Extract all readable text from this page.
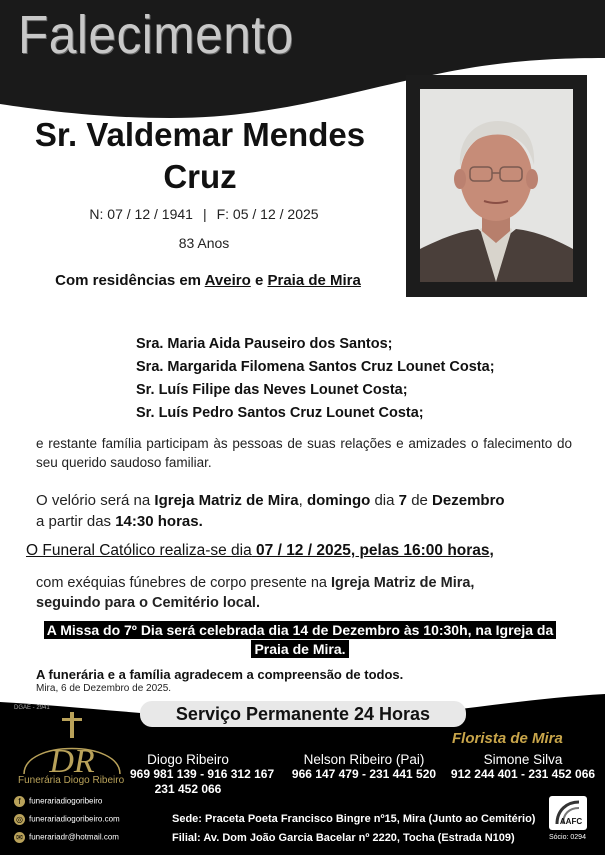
Falecimento
Sr. Valdemar Mendes
Cruz
N: 07 / 12 / 1941 | F: 05 / 12 / 2025
83 Anos
Com residências em Aveiro e Praia de Mira
Sra. Maria Aida Pauseiro dos Santos;
Sra. Margarida Filomena Santos Cruz Lounet Costa;
Sr. Luís Filipe das Neves Lounet Costa;
Sr. Luís Pedro Santos Cruz Lounet Costa;
e restante família participam às pessoas de suas relações e amizades o falecimento do seu querido saudoso familiar.
O velório será na Igreja Matriz de Mira, domingo dia 7 de Dezembro
a partir das 14:30 horas.
O Funeral Católico realiza-se dia 07 / 12 / 2025, pelas 16:00 horas,
com exéquias fúnebres de corpo presente na Igreja Matriz de Mira,
seguindo para o Cemitério local.
A Missa do 7º Dia será celebrada dia 14 de Dezembro às 10:30h, na Igreja da
Praia de Mira.
A funerária e a família agradecem a compreensão de todos.
Mira, 6 de Dezembro de 2025.
DGAE - 2941	Serviço Permanente 24 Horas
DR
Funerária Diogo Ribeiro
f funerariadiogoribeiro
◎ funerariadiogoribeiro.com
✉ funerariadr@hotmail.com
Florista de Mira
Diogo Ribeiro
969 981 139 - 916 312 167
231 452 066
Nelson Ribeiro (Pai)
966 147 479 - 231 441 520
Simone Silva
912 244 401 - 231 452 066
Sede: Praceta Poeta Francisco Bingre nº15, Mira (Junto ao Cemitério)
Filial: Av. Dom João Garcia Bacelar nº 2220, Tocha (Estrada N109)
AAFC
Sócio: 0294
